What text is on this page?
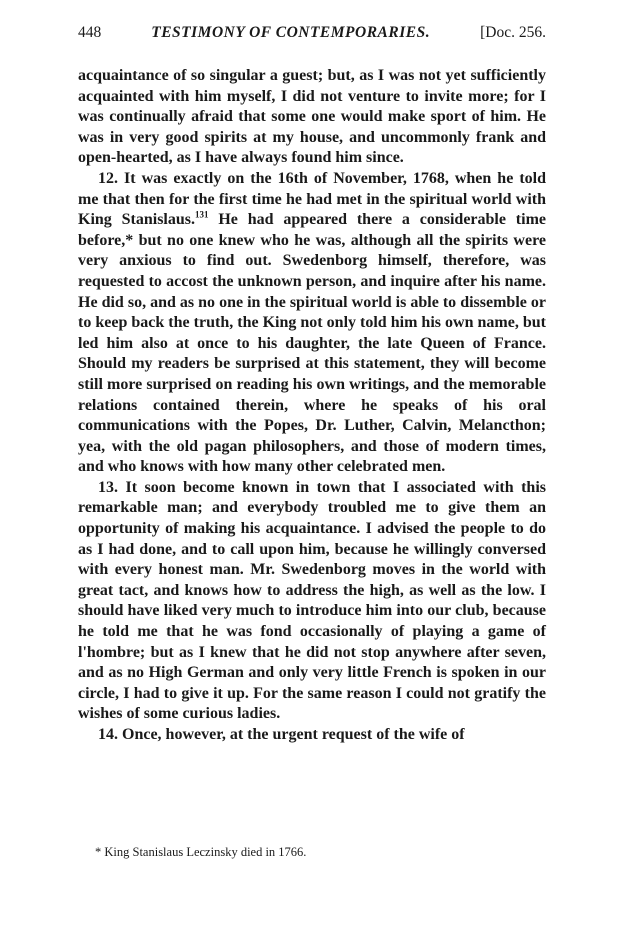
448	TESTIMONY OF CONTEMPORARIES.	[Doc. 256.

acquaintance of so singular a guest; but, as I was not yet sufficiently acquainted with him myself, I did not venture to invite more; for I was continually afraid that some one would make sport of him. He was in very good spirits at my house, and uncommonly frank and open-hearted, as I have always found him since.

12. It was exactly on the 16th of November, 1768, when he told me that then for the first time he had met in the spiritual world with King Stanislaus.$^{131}$ He had appeared there a considerable time before,* but no one knew who he was, although all the spirits were very anxious to find out. Swedenborg himself, therefore, was requested to accost the unknown person, and inquire after his name. He did so, and as no one in the spiritual world is able to dissemble or to keep back the truth, the King not only told him his own name, but led him also at once to his daughter, the late Queen of France. Should my readers be surprised at this statement, they will become still more surprised on reading his own writings, and the memorable relations contained therein, where he speaks of his oral communications with the Popes, Dr. Luther, Calvin, Melancthon; yea, with the old pagan philosophers, and those of modern times, and who knows with how many other celebrated men.

13. It soon become known in town that I associated with this remarkable man; and everybody troubled me to give them an opportunity of making his acquaintance. I advised the people to do as I had done, and to call upon him, because he willingly conversed with every honest man. Mr. Swedenborg moves in the world with great tact, and knows how to address the high, as well as the low. I should have liked very much to introduce him into our club, because he told me that he was fond occasionally of playing a game of l'hombre; but as I knew that he did not stop anywhere after seven, and as no High German and only very little French is spoken in our circle, I had to give it up. For the same reason I could not gratify the wishes of some curious ladies.

14. Once, however, at the urgent request of the wife of

* King Stanislaus Leczinsky died in 1766.
